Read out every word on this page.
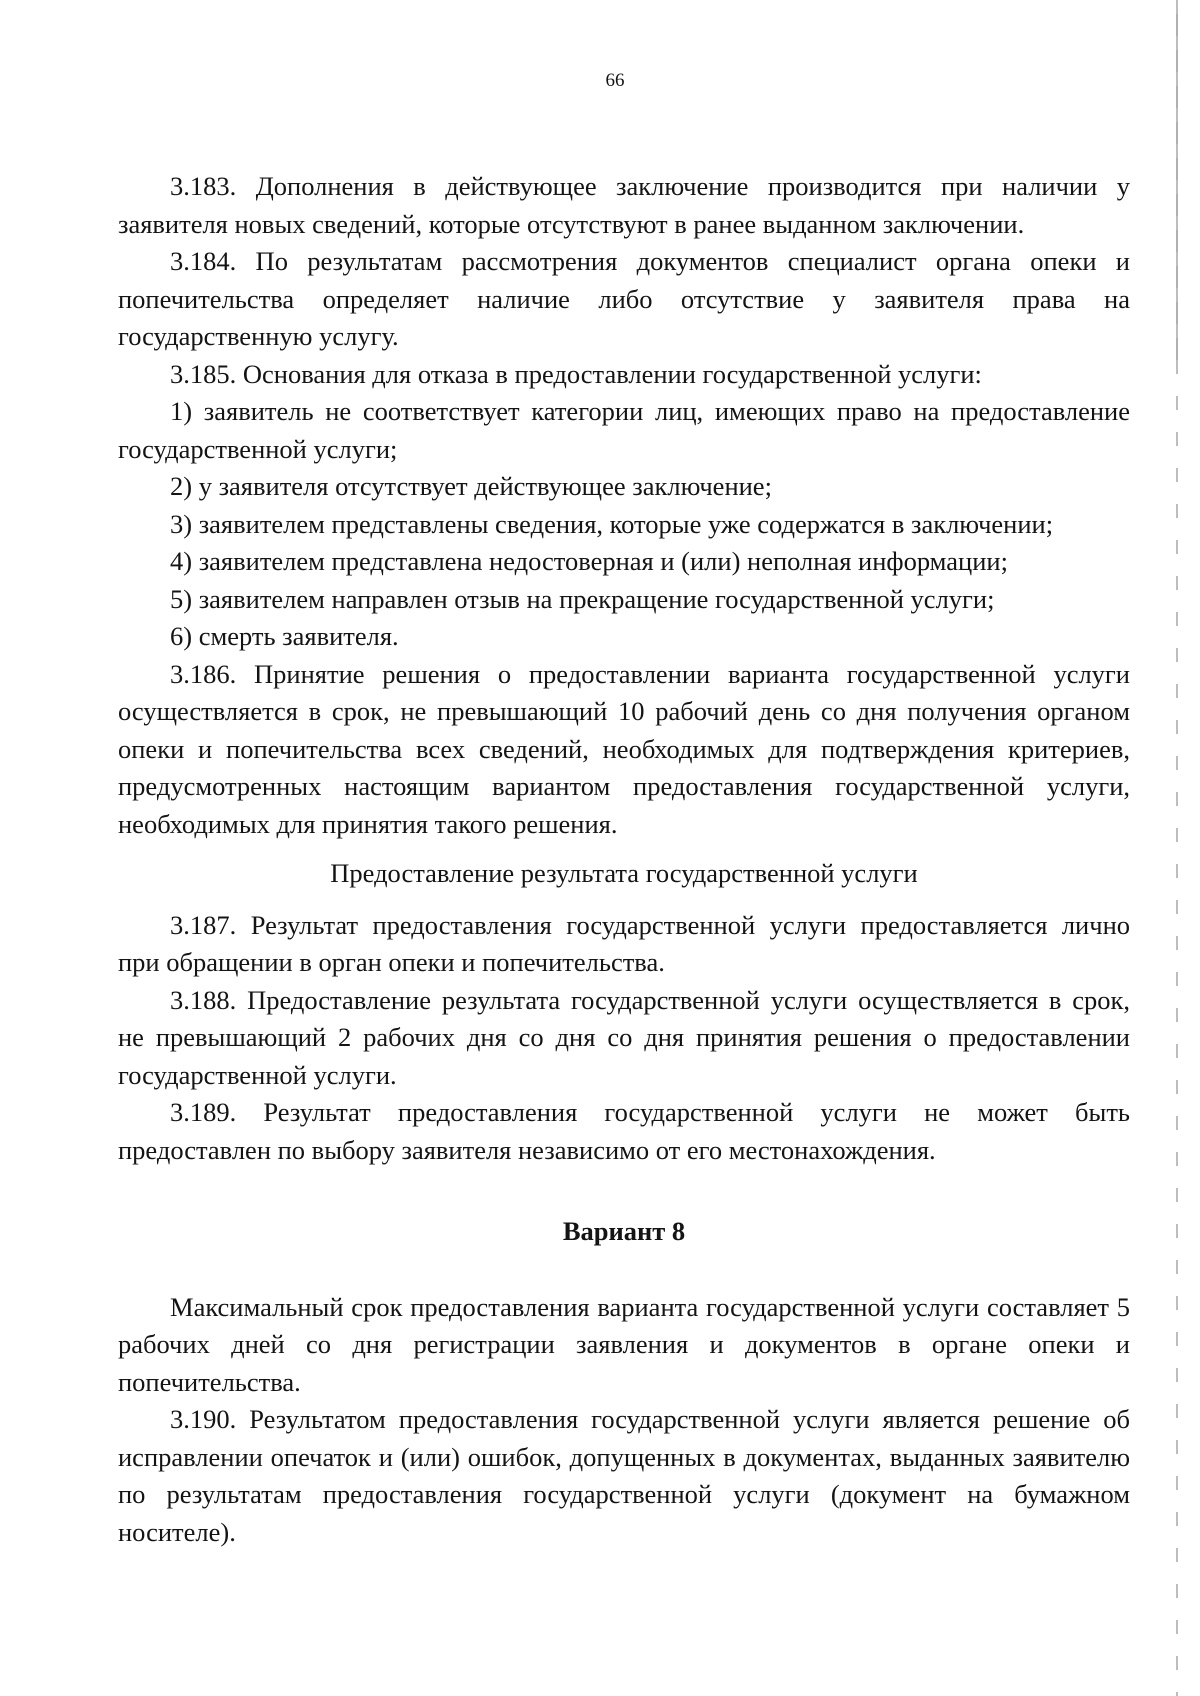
66

3.183. Дополнения в действующее заключение производится при наличии у заявителя новых сведений, которые отсутствуют в ранее выданном заключении.

3.184. По результатам рассмотрения документов специалист органа опеки и попечительства определяет наличие либо отсутствие у заявителя права на государственную услугу.

3.185. Основания для отказа в предоставлении государственной услуги:

1) заявитель не соответствует категории лиц, имеющих право на предоставление государственной услуги;

2) у заявителя отсутствует действующее заключение;

3) заявителем представлены сведения, которые уже содержатся в заключении;

4) заявителем представлена недостоверная и (или) неполная информации;

5) заявителем направлен отзыв на прекращение государственной услуги;

6) смерть заявителя.

3.186. Принятие решения о предоставлении варианта государственной услуги осуществляется в срок, не превышающий 10 рабочий день со дня получения органом опеки и попечительства всех сведений, необходимых для подтверждения критериев, предусмотренных настоящим вариантом предоставления государственной услуги, необходимых для принятия такого решения.

Предоставление результата государственной услуги

3.187. Результат предоставления государственной услуги предоставляется лично при обращении в орган опеки и попечительства.

3.188. Предоставление результата государственной услуги осуществляется в срок, не превышающий 2 рабочих дня со дня со дня принятия решения о предоставлении государственной услуги.

3.189. Результат предоставления государственной услуги не может быть предоставлен по выбору заявителя независимо от его местонахождения.

Вариант 8

Максимальный срок предоставления варианта государственной услуги составляет 5 рабочих дней со дня регистрации заявления и документов в органе опеки и попечительства.

3.190. Результатом предоставления государственной услуги является решение об исправлении опечаток и (или) ошибок, допущенных в документах, выданных заявителю по результатам предоставления государственной услуги (документ на бумажном носителе).
